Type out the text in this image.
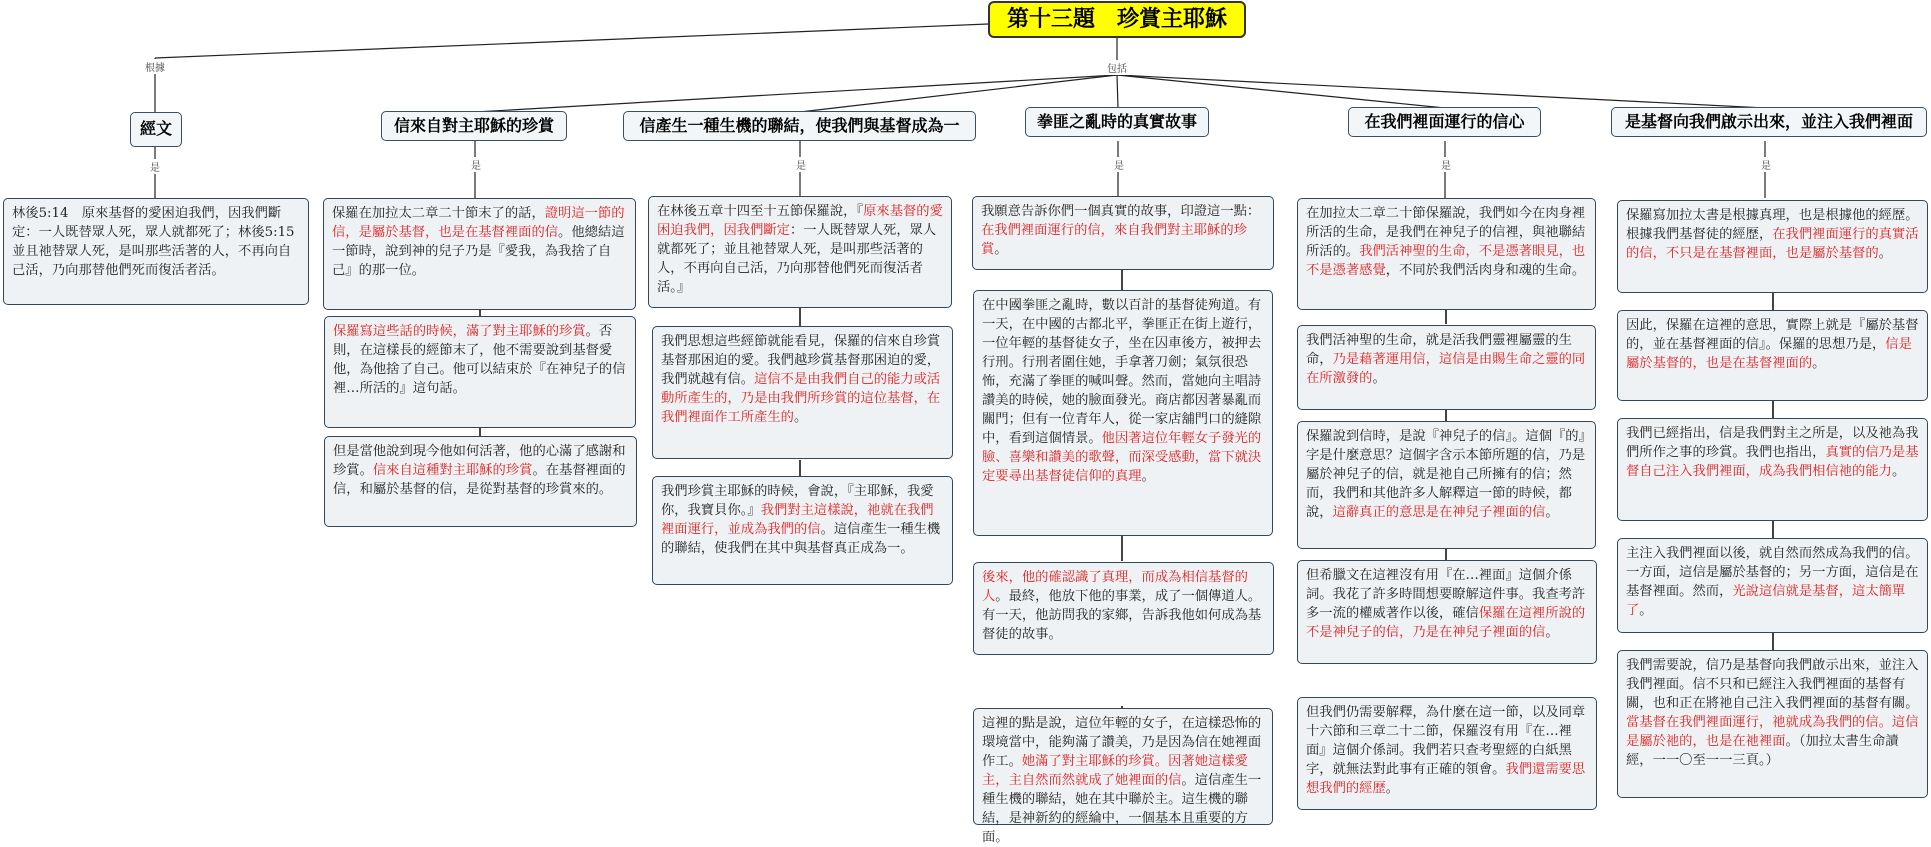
根據	包括
是	是	是	是	是	是
第十三題　珍賞主耶穌
經文	信來自對主耶穌的珍賞	信產生一種生機的聯結，使我們與基督成為一	拳匪之亂時的真實故事	在我們裡面運行的信心	是基督向我們啟示出來，並注入我們裡面
林後5:14　原來基督的愛困迫我們，因我們斷定：一人既替眾人死，眾人就都死了；林後5:15　並且祂替眾人死，是叫那些活著的人，不再向自己活，乃向那替他們死而復活者活。
保羅在加拉太二章二十節末了的話，證明這一節的信，是屬於基督，也是在基督裡面的信。他總結這一節時，說到神的兒子乃是『愛我，為我捨了自己』的那一位。
保羅寫這些話的時候，滿了對主耶穌的珍賞。否則，在這樣長的經節末了，他不需要說到基督愛他，為他捨了自己。他可以結束於『在神兒子的信裡…所活的』這句話。
但是當他說到現今他如何活著，他的心滿了感謝和珍賞。信來自這種對主耶穌的珍賞。在基督裡面的信，和屬於基督的信，是從對基督的珍賞來的。
在林後五章十四至十五節保羅說，『原來基督的愛困迫我們，因我們斷定：一人既替眾人死，眾人就都死了；並且祂替眾人死，是叫那些活著的人，不再向自己活，乃向那替他們死而復活者活。』
我們思想這些經節就能看見，保羅的信來自珍賞基督那困迫的愛。我們越珍賞基督那困迫的愛，我們就越有信。這信不是由我們自己的能力或活動所產生的，乃是由我們所珍賞的這位基督，在我們裡面作工所產生的。
我們珍賞主耶穌的時候，會說，『主耶穌，我愛你，我寶貝你。』我們對主這樣說，祂就在我們裡面運行，並成為我們的信。這信產生一種生機的聯結，使我們在其中與基督真正成為一。
我願意告訴你們一個真實的故事，印證這一點：在我們裡面運行的信，來自我們對主耶穌的珍賞。
在中國拳匪之亂時，數以百計的基督徒殉道。有一天，在中國的古都北平，拳匪正在街上遊行，一位年輕的基督徒女子，坐在囚車後方，被押去行刑。行刑者圍住她，手拿著刀劍；氣氛很恐怖，充滿了拳匪的喊叫聲。然而，當她向主唱詩讚美的時候，她的臉面發光。商店都因著暴亂而關門；但有一位青年人，從一家店舖門口的縫隙中，看到這個情景。他因著這位年輕女子發光的臉、喜樂和讚美的歌聲，而深受感動，當下就決定要尋出基督徒信仰的真理。
後來，他的確認識了真理，而成為相信基督的人。最終，他放下他的事業，成了一個傳道人。有一天，他訪問我的家鄉，告訴我他如何成為基督徒的故事。
這裡的點是說，這位年輕的女子，在這樣恐怖的環境當中，能夠滿了讚美，乃是因為信在她裡面作工。她滿了對主耶穌的珍賞。因著她這樣愛主，主自然而然就成了她裡面的信。這信產生一種生機的聯結，她在其中聯於主。這生機的聯結，是神新約的經綸中，一個基本且重要的方面。
在加拉太二章二十節保羅說，我們如今在肉身裡所活的生命，是我們在神兒子的信裡，與祂聯結所活的。我們活神聖的生命，不是憑著眼見，也不是憑著感覺，不同於我們活肉身和魂的生命。
我們活神聖的生命，就是活我們靈裡屬靈的生命，乃是藉著運用信，這信是由賜生命之靈的同在所激發的。
保羅說到信時，是說『神兒子的信』。這個『的』字是什麼意思？這個字含示本節所題的信，乃是屬於神兒子的信，就是祂自己所擁有的信；然而，我們和其他許多人解釋這一節的時候，都說，這辭真正的意思是在神兒子裡面的信。
但希臘文在這裡沒有用『在…裡面』這個介係詞。我花了許多時間想要瞭解這件事。我查考許多一流的權威著作以後，確信保羅在這裡所說的不是神兒子的信，乃是在神兒子裡面的信。
但我們仍需要解釋，為什麼在這一節，以及同章十六節和三章二十二節，保羅沒有用『在…裡面』這個介係詞。我們若只查考聖經的白紙黑字，就無法對此事有正確的領會。我們還需要思想我們的經歷。
保羅寫加拉太書是根據真理，也是根據他的經歷。根據我們基督徒的經歷，在我們裡面運行的真實活的信，不只是在基督裡面，也是屬於基督的。
因此，保羅在這裡的意思，實際上就是『屬於基督的，並在基督裡面的信』。保羅的思想乃是，信是屬於基督的，也是在基督裡面的。
我們已經指出，信是我們對主之所是，以及祂為我們所作之事的珍賞。我們也指出，真實的信乃是基督自己注入我們裡面，成為我們相信祂的能力。
主注入我們裡面以後，就自然而然成為我們的信。一方面，這信是屬於基督的；另一方面，這信是在基督裡面。然而，光說這信就是基督，這太簡單了。
我們需要說，信乃是基督向我們啟示出來，並注入我們裡面。信不只和已經注入我們裡面的基督有關，也和正在將祂自己注入我們裡面的基督有關。當基督在我們裡面運行，祂就成為我們的信。這信是屬於祂的，也是在祂裡面。（加拉太書生命讀經，一一〇至一一三頁。）
